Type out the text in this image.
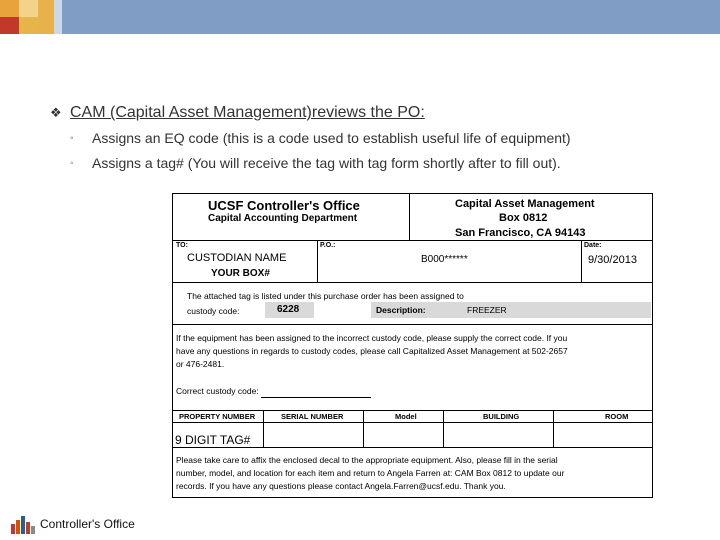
❖ CAM (Capital Asset Management)reviews the PO:
◦ Assigns an EQ code (this is a code used to establish useful life of equipment)
◦ Assigns a tag# (You will receive the tag with tag form shortly after to fill out).
UCSF Controller's Office
Capital Accounting Department
Capital Asset Management
Box 0812
San Francisco, CA 94143
TO:
CUSTODIAN NAME
YOUR BOX#
P.O.:
B000******
Date:
9/30/2013
The attached tag is listed under this purchase order has been assigned to
custody code:	6228	Description:	FREEZER
If the equipment has been assigned to the incorrect custody code, please supply the correct code. If you
have any questions in regards to custody codes, please call Capitalized Asset Management at 502-2657
or 476-2481.
Correct custody code:
PROPERTY NUMBER	SERIAL NUMBER	Model	BUILDING	ROOM
9 DIGIT TAG#
Please take care to affix the enclosed decal to the appropriate equipment. Also, please fill in the serial
number, model, and location for each item and return to Angela Farren at: CAM Box 0812 to update our
records. If you have any questions please contact Angela.Farren@ucsf.edu. Thank you.
Controller's Office
